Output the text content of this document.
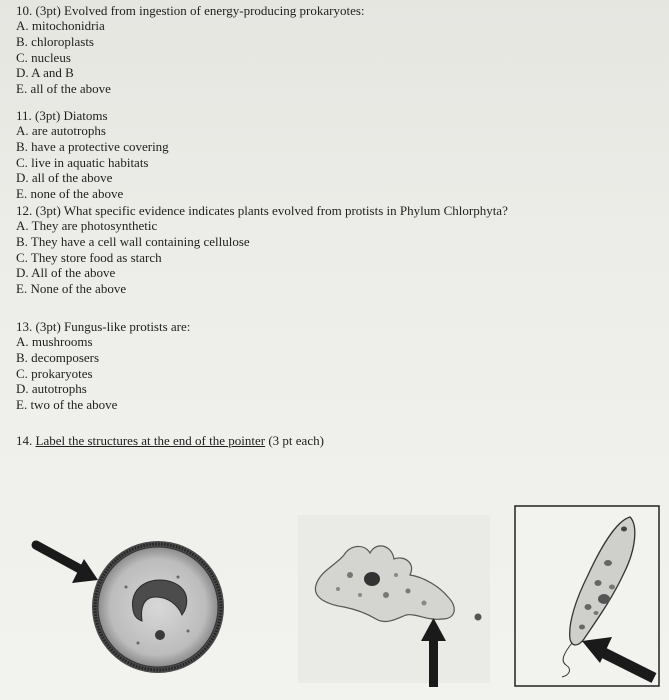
10. (3pt) Evolved from ingestion of energy-producing prokaryotes:

A. mitochonidria

B. chloroplasts

C. nucleus

D. A and B

E. all of the above

11. (3pt) Diatoms

A. are autotrophs

B. have a protective covering

C. live in aquatic habitats

D. all of the above

E. none of the above

12. (3pt) What specific evidence indicates plants evolved from protists in Phylum Chlorphyta?

A. They are photosynthetic

B. They have a cell wall containing cellulose

C. They store food as starch

D. All of the above

E. None of the above

13. (3pt) Fungus-like protists are:

A. mushrooms

B. decomposers

C. prokaryotes

D. autotrophs

E. two of the above

14. Label the structures at the end of the pointer (3 pt each)
